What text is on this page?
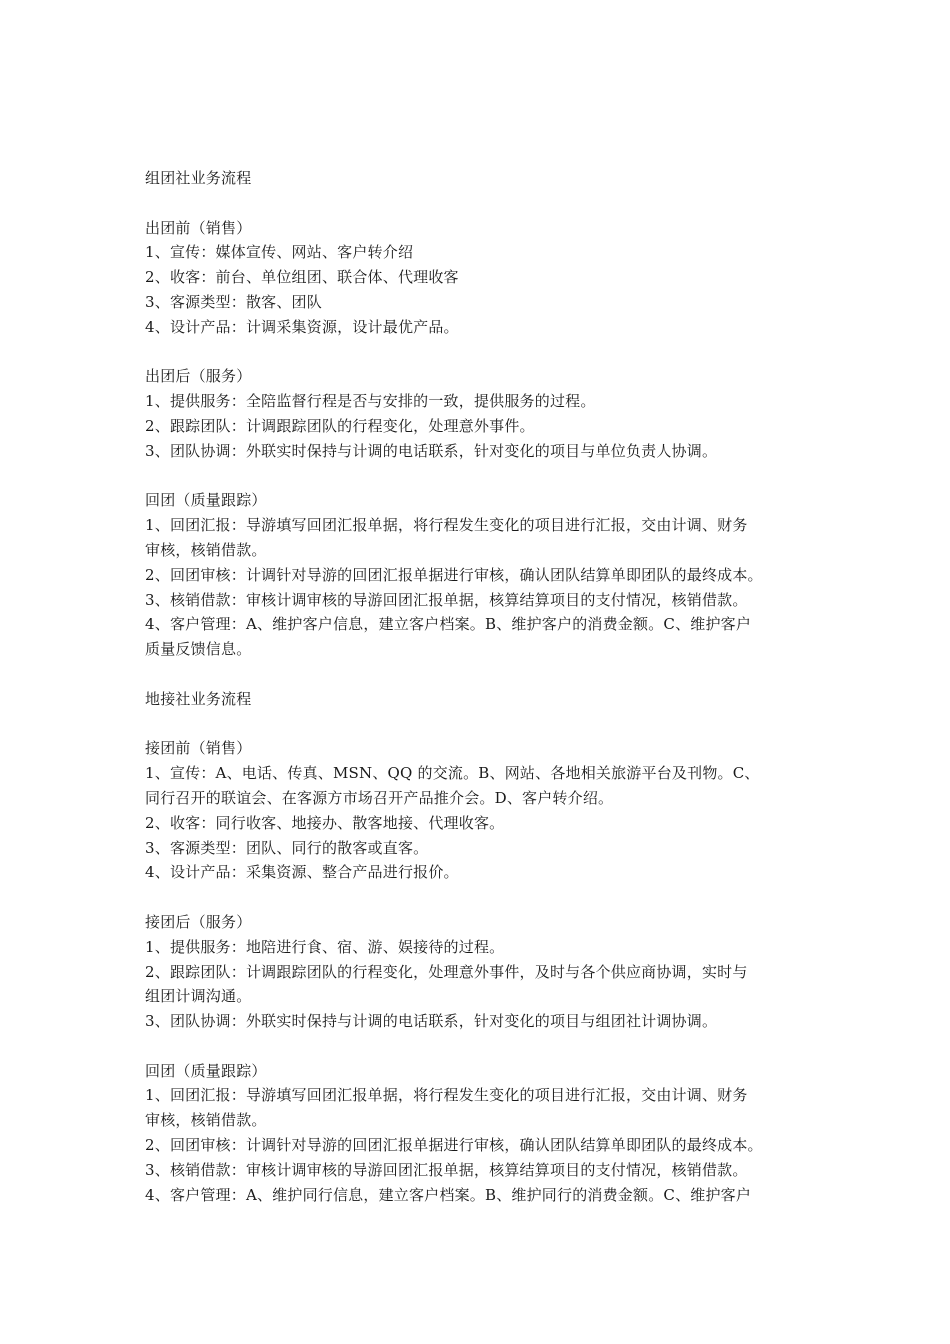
组团社业务流程
出团前（销售）
1、宣传：媒体宣传、网站、客户转介绍
2、收客：前台、单位组团、联合体、代理收客
3、客源类型：散客、团队
4、设计产品：计调采集资源，设计最优产品。
出团后（服务）
1、提供服务：全陪监督行程是否与安排的一致，提供服务的过程。
2、跟踪团队：计调跟踪团队的行程变化，处理意外事件。
3、团队协调：外联实时保持与计调的电话联系，针对变化的项目与单位负责人协调。
回团（质量跟踪）
1、回团汇报：导游填写回团汇报单据，将行程发生变化的项目进行汇报，交由计调、财务
审核，核销借款。
2、回团审核：计调针对导游的回团汇报单据进行审核，确认团队结算单即团队的最终成本。
3、核销借款：审核计调审核的导游回团汇报单据，核算结算项目的支付情况，核销借款。
4、客户管理：A、维护客户信息，建立客户档案。B、维护客户的消费金额。C、维护客户
质量反馈信息。
地接社业务流程
接团前（销售）
1、宣传：A、电话、传真、MSN、QQ 的交流。B、网站、各地相关旅游平台及刊物。C、
同行召开的联谊会、在客源方市场召开产品推介会。D、客户转介绍。
2、收客：同行收客、地接办、散客地接、代理收客。
3、客源类型：团队、同行的散客或直客。
4、设计产品：采集资源、整合产品进行报价。
接团后（服务）
1、提供服务：地陪进行食、宿、游、娱接待的过程。
2、跟踪团队：计调跟踪团队的行程变化，处理意外事件，及时与各个供应商协调，实时与
组团计调沟通。
3、团队协调：外联实时保持与计调的电话联系，针对变化的项目与组团社计调协调。
回团（质量跟踪）
1、回团汇报：导游填写回团汇报单据，将行程发生变化的项目进行汇报，交由计调、财务
审核，核销借款。
2、回团审核：计调针对导游的回团汇报单据进行审核，确认团队结算单即团队的最终成本。
3、核销借款：审核计调审核的导游回团汇报单据，核算结算项目的支付情况，核销借款。
4、客户管理：A、维护同行信息，建立客户档案。B、维护同行的消费金额。C、维护客户
